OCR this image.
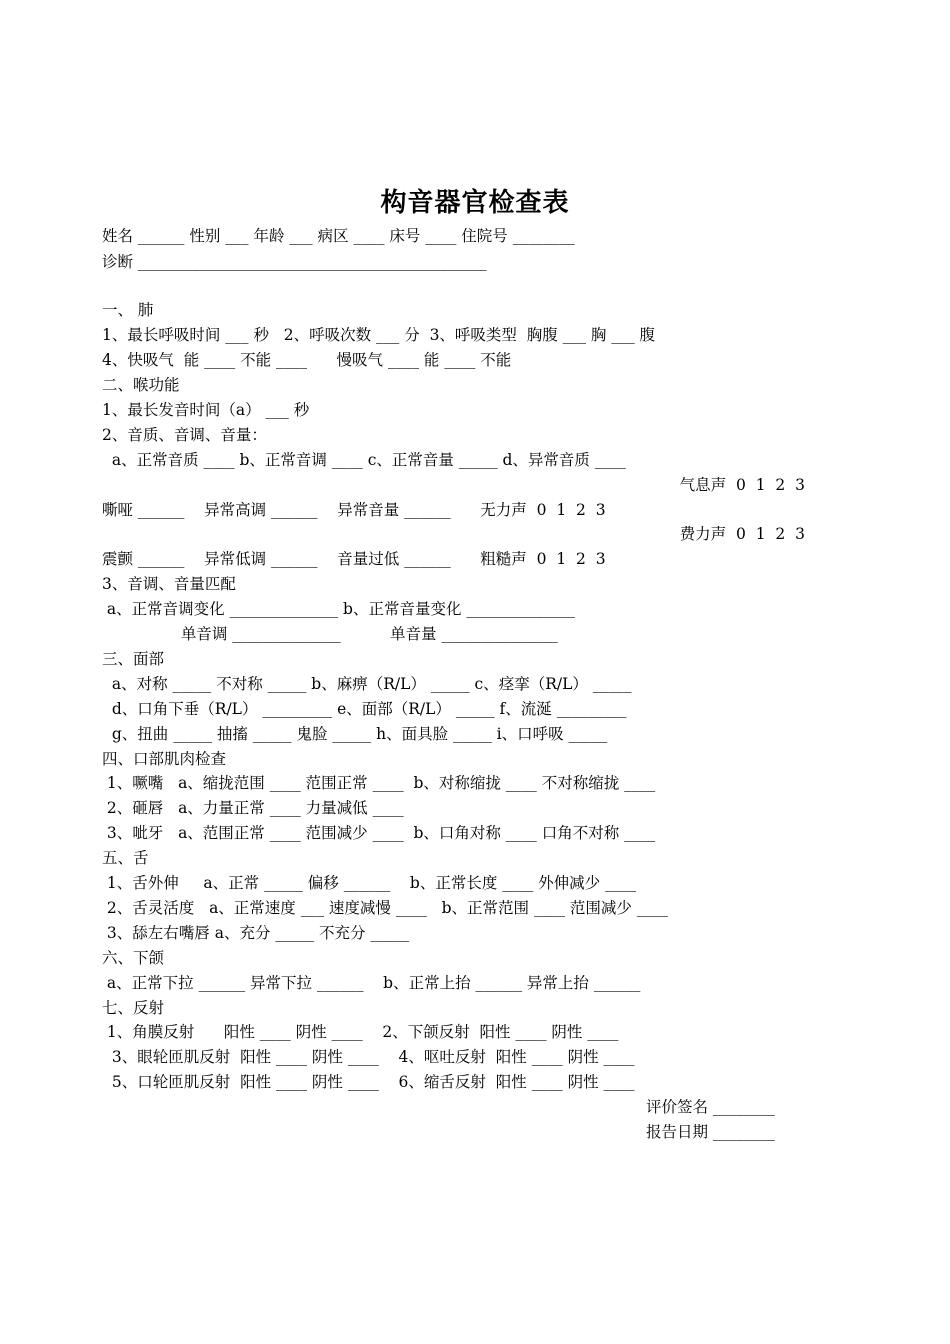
构音器官检查表
姓名 ______ 性别 ___ 年龄 ___ 病区 ____ 床号 ____ 住院号 ________
诊断 _____________________________________________
一、 肺
1、最长呼吸时间 ___ 秒   2、呼吸次数 ___ 分  3、呼吸类型  胸腹 ___ 胸 ___ 腹
4、快吸气  能 ____ 不能 ____      慢吸气 ____ 能 ____ 不能
二、喉功能
1、最长发音时间（a） ___ 秒
2、音质、音调、音量：
a、正常音质 ____ b、正常音调 ____ c、正常音量 _____ d、异常音质 ____
气息声  0  1  2  3
嘶哑 ______    异常高调 ______    异常音量 ______      无力声  0  1  2  3
费力声  0  1  2  3
震颤 ______    异常低调 ______    音量过低 ______      粗糙声  0  1  2  3
3、音调、音量匹配
a、正常音调变化 ______________ b、正常音量变化 ______________
单音调 ______________          单音量 _______________
三、面部
a、对称 _____ 不对称 _____ b、麻痹（R/L） _____ c、痉挛（R/L） _____
d、口角下垂（R/L） _________ e、面部（R/L） _____ f、流涎 _________
g、扭曲 _____ 抽搐 _____ 鬼脸 _____ h、面具脸 _____ i、口呼吸 _____
四、口部肌肉检查
1、噘嘴   a、缩拢范围 ____ 范围正常 ____  b、对称缩拢 ____ 不对称缩拢 ____
2、砸唇   a、力量正常 ____ 力量减低 ____
3、呲牙   a、范围正常 ____ 范围减少 ____  b、口角对称 ____ 口角不对称 ____
五、舌
1、舌外伸     a、正常 _____ 偏移 ______    b、正常长度 ____ 外伸减少 ____
2、舌灵活度   a、正常速度 ___ 速度减慢 ____   b、正常范围 ____ 范围减少 ____
3、舔左右嘴唇 a、充分 _____ 不充分 _____
六、下颌
a、正常下拉 ______ 异常下拉 ______    b、正常上抬 ______ 异常上抬 ______
七、反射
1、角膜反射      阳性 ____ 阴性 ____    2、下颌反射  阳性 ____ 阴性 ____
3、眼轮匝肌反射  阳性 ____ 阴性 ____    4、呕吐反射  阳性 ____ 阴性 ____
5、口轮匝肌反射  阳性 ____ 阴性 ____    6、缩舌反射  阳性 ____ 阴性 ____
评价签名 ________
报告日期 ________
